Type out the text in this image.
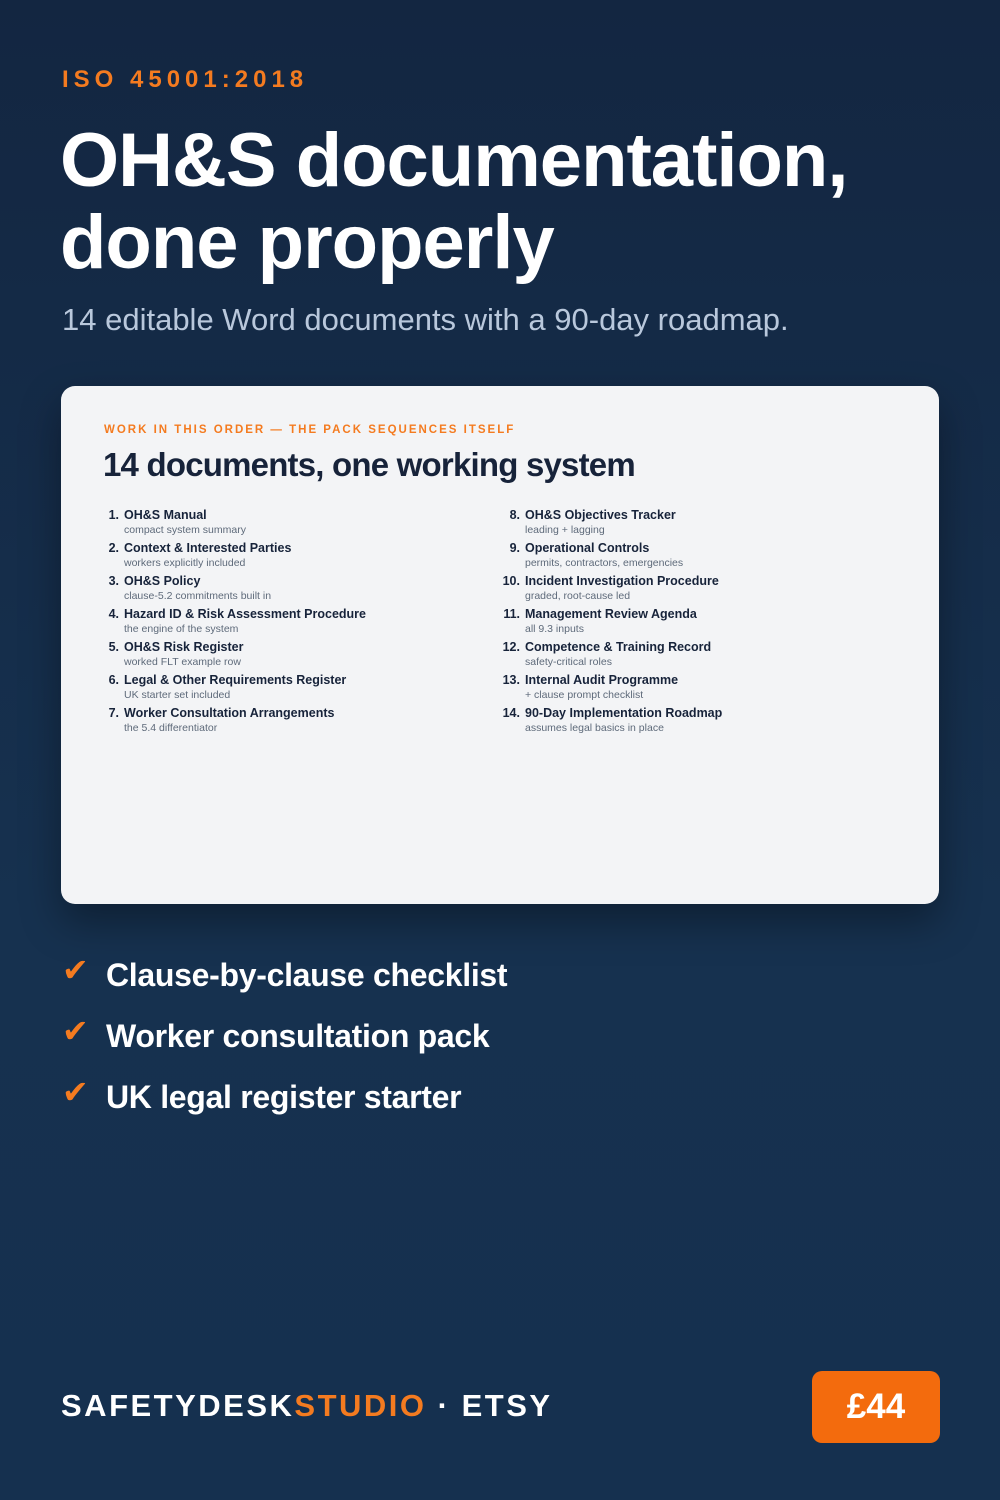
ISO 45001:2018
OH&S documentation, done properly

14 editable Word documents with a 90-day roadmap.

WORK IN THIS ORDER — THE PACK SEQUENCES ITSELF
14 documents, one working system
1. OH&S Manual
compact system summary
2. Context & Interested Parties
workers explicitly included
3. OH&S Policy
clause-5.2 commitments built in
4. Hazard ID & Risk Assessment Procedure
the engine of the system
5. OH&S Risk Register
worked FLT example row
6. Legal & Other Requirements Register
UK starter set included
7. Worker Consultation Arrangements
the 5.4 differentiator
8. OH&S Objectives Tracker
leading + lagging
9. Operational Controls
permits, contractors, emergencies
10. Incident Investigation Procedure
graded, root-cause led
11. Management Review Agenda
all 9.3 inputs
12. Competence & Training Record
safety-critical roles
13. Internal Audit Programme
+ clause prompt checklist
14. 90-Day Implementation Roadmap
assumes legal basics in place
✔ Clause-by-clause checklist
✔ Worker consultation pack
✔ UK legal register starter
SAFETYDESKSTUDIO · ETSY	£44
